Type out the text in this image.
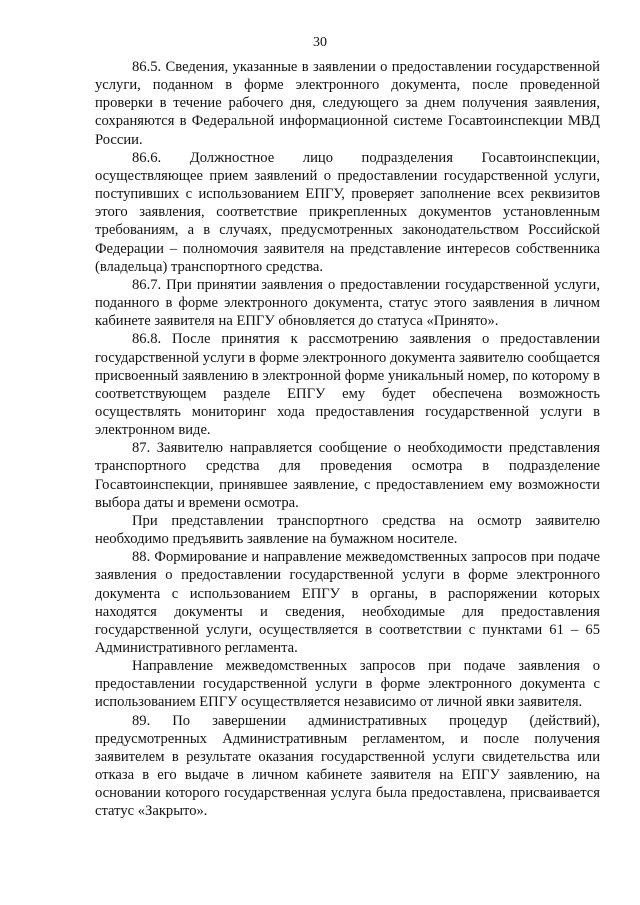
30

86.5. Сведения, указанные в заявлении о предоставлении государственной услуги, поданном в форме электронного документа, после проведенной проверки в течение рабочего дня, следующего за днем получения заявления, сохраняются в Федеральной информационной системе Госавтоинспекции МВД России.

86.6. Должностное лицо подразделения Госавтоинспекции, осуществляющее прием заявлений о предоставлении государственной услуги, поступивших с использованием ЕПГУ, проверяет заполнение всех реквизитов этого заявления, соответствие прикрепленных документов установленным требованиям, а в случаях, предусмотренных законодательством Российской Федерации – полномочия заявителя на представление интересов собственника (владельца) транспортного средства.

86.7. При принятии заявления о предоставлении государственной услуги, поданного в форме электронного документа, статус этого заявления в личном кабинете заявителя на ЕПГУ обновляется до статуса «Принято».

86.8. После принятия к рассмотрению заявления о предоставлении государственной услуги в форме электронного документа заявителю сообщается присвоенный заявлению в электронной форме уникальный номер, по которому в соответствующем разделе ЕПГУ ему будет обеспечена возможность осуществлять мониторинг хода предоставления государственной услуги в электронном виде.

87. Заявителю направляется сообщение о необходимости представления транспортного средства для проведения осмотра в подразделение Госавтоинспекции, принявшее заявление, с предоставлением ему возможности выбора даты и времени осмотра.

При представлении транспортного средства на осмотр заявителю необходимо предъявить заявление на бумажном носителе.

88. Формирование и направление межведомственных запросов при подаче заявления о предоставлении государственной услуги в форме электронного документа с использованием ЕПГУ в органы, в распоряжении которых находятся документы и сведения, необходимые для предоставления государственной услуги, осуществляется в соответствии с пунктами 61 – 65 Административного регламента.

Направление межведомственных запросов при подаче заявления о предоставлении государственной услуги в форме электронного документа с использованием ЕПГУ осуществляется независимо от личной явки заявителя.

89. По завершении административных процедур (действий), предусмотренных Административным регламентом, и после получения заявителем в результате оказания государственной услуги свидетельства или отказа в его выдаче в личном кабинете заявителя на ЕПГУ заявлению, на основании которого государственная услуга была предоставлена, присваивается статус «Закрыто».
